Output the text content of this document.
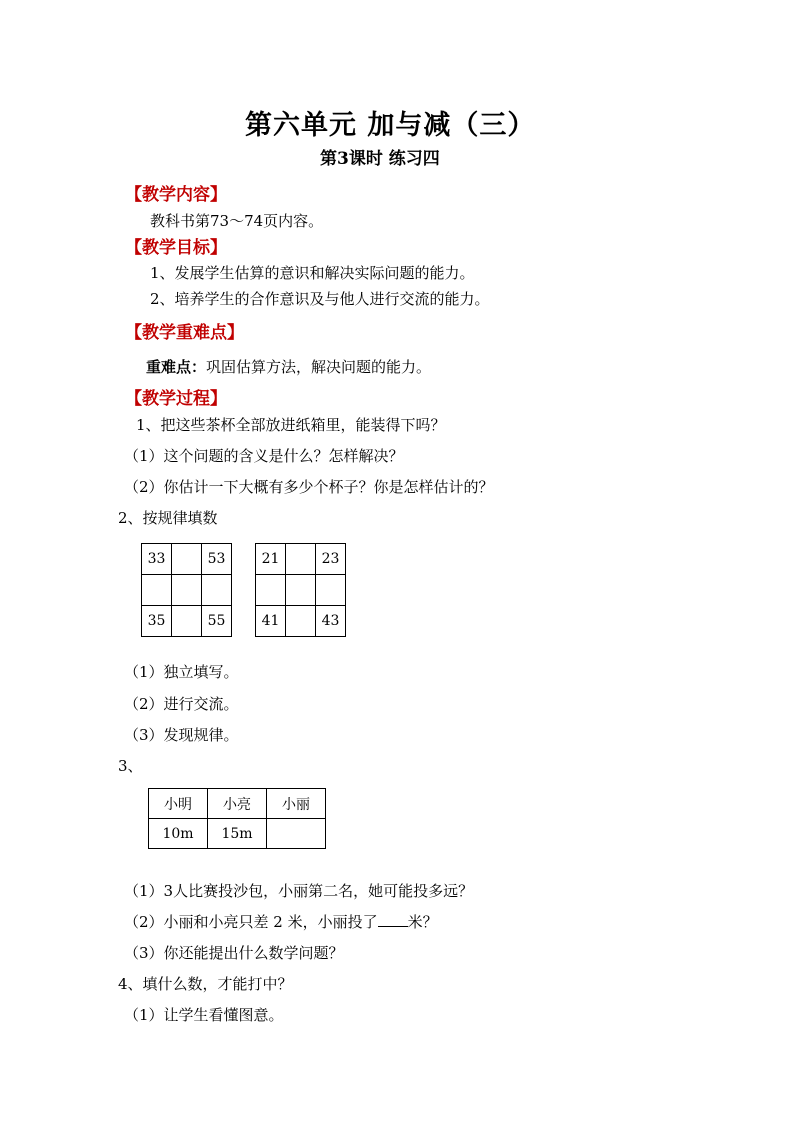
第六单元 加与减（三）
第3课时 练习四
【教学内容】
教科书第73～74页内容。
【教学目标】
1、发展学生估算的意识和解决实际问题的能力。
2、培养学生的合作意识及与他人进行交流的能力。
【教学重难点】
重难点：巩固估算方法，解决问题的能力。
【教学过程】
1、把这些茶杯全部放进纸箱里，能装得下吗？
（1）这个问题的含义是什么？怎样解决？
（2）你估计一下大概有多少个杯子？你是怎样估计的？
2、按规律填数
33		53

35		55
21		23

41		43
（1）独立填写。
（2）进行交流。
（3）发现规律。
3、
小明	小亮	小丽
10m	15m	
（1）3人比赛投沙包，小丽第二名，她可能投多远？
（2）小丽和小亮只差 2 米，小丽投了 米？
（3）你还能提出什么数学问题？
4、填什么数，才能打中？
（1）让学生看懂图意。
